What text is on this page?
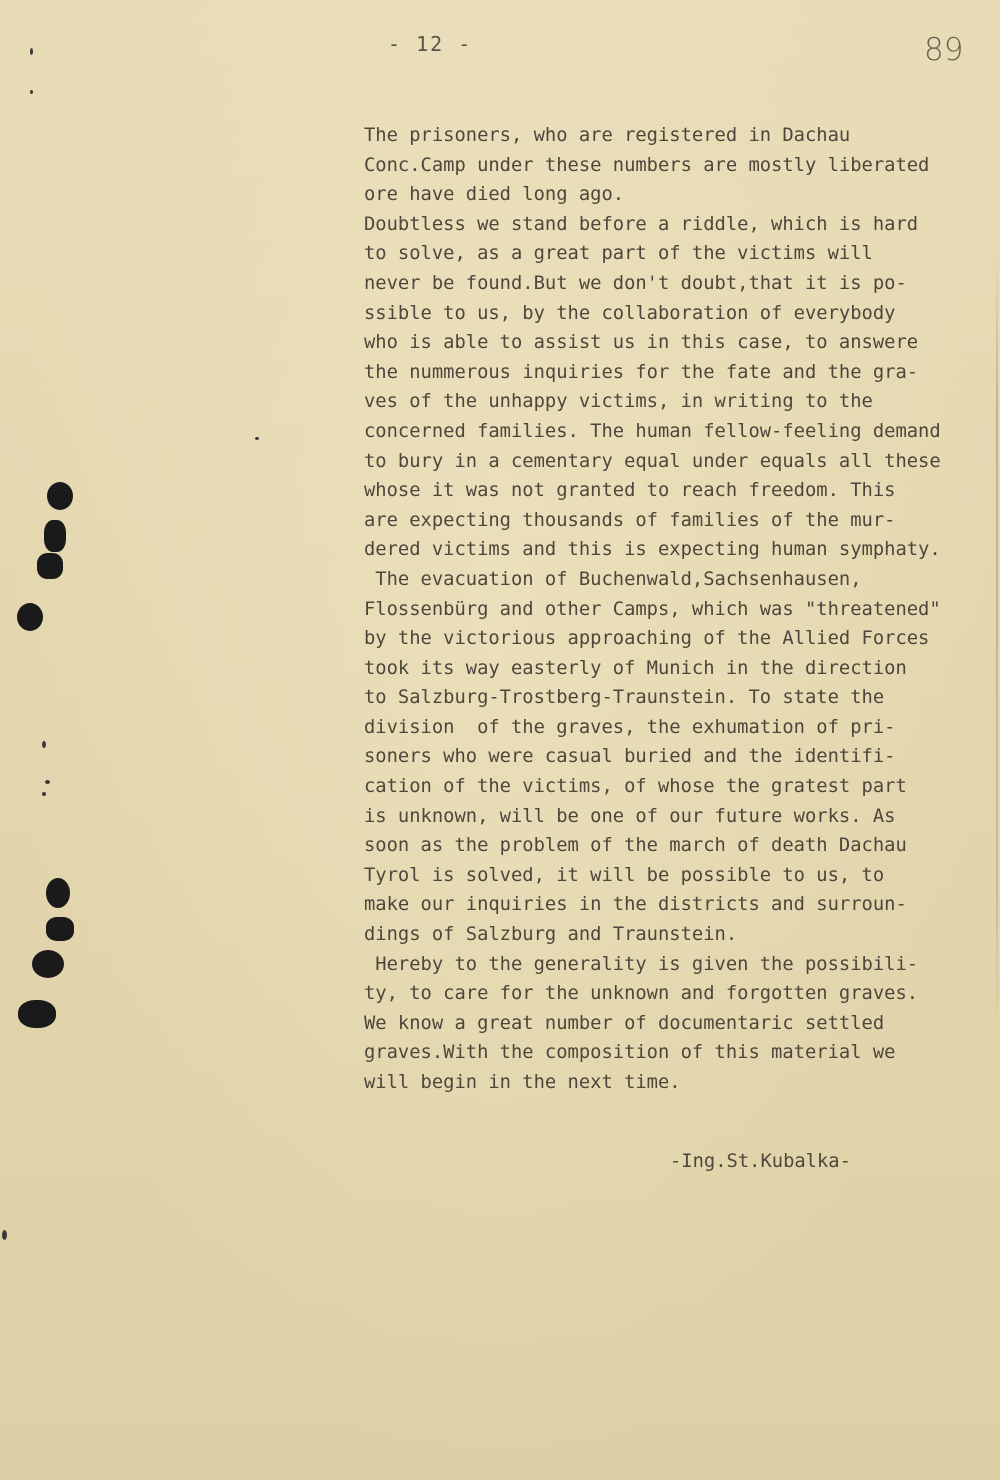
- 12 -	89
The prisoners, who are registered in Dachau
Conc.Camp under these numbers are mostly liberated
ore have died long ago.
Doubtless we stand before a riddle, which is hard
to solve, as a great part of the victims will
never be found.But we don't doubt,that it is po-
ssible to us, by the collaboration of everybody
who is able to assist us in this case, to answere
the nummerous inquiries for the fate and the gra-
ves of the unhappy victims, in writing to the
concerned families. The human fellow-feeling demand
to bury in a cementary equal under equals all these
whose it was not granted to reach freedom. This
are expecting thousands of families of the mur-
dered victims and this is expecting human symphaty.
The evacuation of Buchenwald,Sachsenhausen,
Flossenbürg and other Camps, which was "threatened"
by the victorious approaching of the Allied Forces
took its way easterly of Munich in the direction
to Salzburg-Trostberg-Traunstein. To state the
division  of the graves, the exhumation of pri-
soners who were casual buried and the identifi-
cation of the victims, of whose the gratest part
is unknown, will be one of our future works. As
soon as the problem of the march of death Dachau
Tyrol is solved, it will be possible to us, to
make our inquiries in the districts and surroun-
dings of Salzburg and Traunstein.
Hereby to the generality is given the possibili-
ty, to care for the unknown and forgotten graves.
We know a great number of documentaric settled
graves.With the composition of this material we
will begin in the next time.
-Ing.St.Kubalka-
